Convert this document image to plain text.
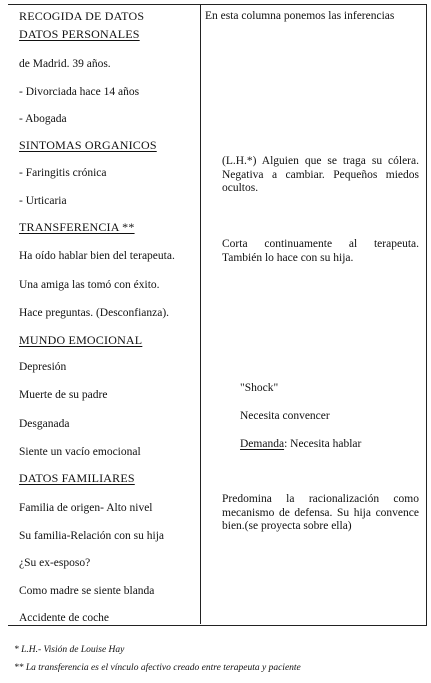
RECOGIDA DE DATOS
DATOS PERSONALES
de Madrid. 39 años.
- Divorciada hace 14 años
- Abogada
SINTOMAS ORGANICOS
- Faringitis crónica
- Urticaria
TRANSFERENCIA **
Ha oído hablar bien del terapeuta.
Una amiga las tomó con éxito.
Hace preguntas. (Desconfianza).
MUNDO EMOCIONAL
Depresión
Muerte de su padre
Desganada
Siente un vacío emocional
DATOS FAMILIARES
Familia de origen- Alto nivel
Su familia-Relación con su hija
¿Su ex-esposo?
Como madre se siente blanda
Accidente de coche
En esta columna ponemos las inferencias
(L.H.*) Alguien que se traga su cólera. Negativa a cambiar. Pequeños miedos ocultos.
Corta continuamente al terapeuta. También lo hace con su hija.
"Shock"
Necesita convencer
Demanda: Necesita hablar
Predomina la racionalización como mecanismo de defensa. Su hija convence bien.(se proyecta sobre ella)
* L.H.- Visión de Louise Hay
** La transferencia es el vínculo afectivo creado entre terapeuta y paciente
